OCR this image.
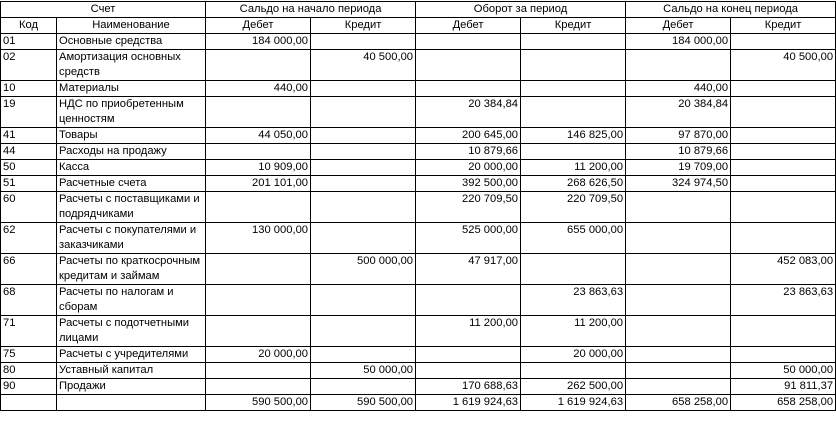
Счет		Сальдо на начало периода		Оборот за период		Сальдо на конец периода	
Код	Наименование	Дебет	Кредит	Дебет	Кредит	Дебет	Кредит
01	Основные средства	184 000,00				184 000,00	
02	Амортизация основных средств		40 500,00				40 500,00
10	Материалы	440,00				440,00	
19	НДС по приобретенным ценностям			20 384,84		20 384,84	
41	Товары	44 050,00		200 645,00	146 825,00	97 870,00	
44	Расходы на продажу			10 879,66		10 879,66	
50	Касса	10 909,00		20 000,00	11 200,00	19 709,00	
51	Расчетные счета	201 101,00		392 500,00	268 626,50	324 974,50	
60	Расчеты с поставщиками и подрядчиками			220 709,50	220 709,50		
62	Расчеты с покупателями и заказчиками	130 000,00		525 000,00	655 000,00		
66	Расчеты по краткосрочным кредитам и займам		500 000,00	47 917,00			452 083,00
68	Расчеты по налогам и сборам				23 863,63		23 863,63
71	Расчеты с подотчетными лицами			11 200,00	11 200,00		
75	Расчеты с учредителями	20 000,00			20 000,00		
80	Уставный капитал		50 000,00				50 000,00
90	Продажи			170 688,63	262 500,00		91 811,37
		590 500,00	590 500,00	1 619 924,63	1 619 924,63	658 258,00	658 258,00
